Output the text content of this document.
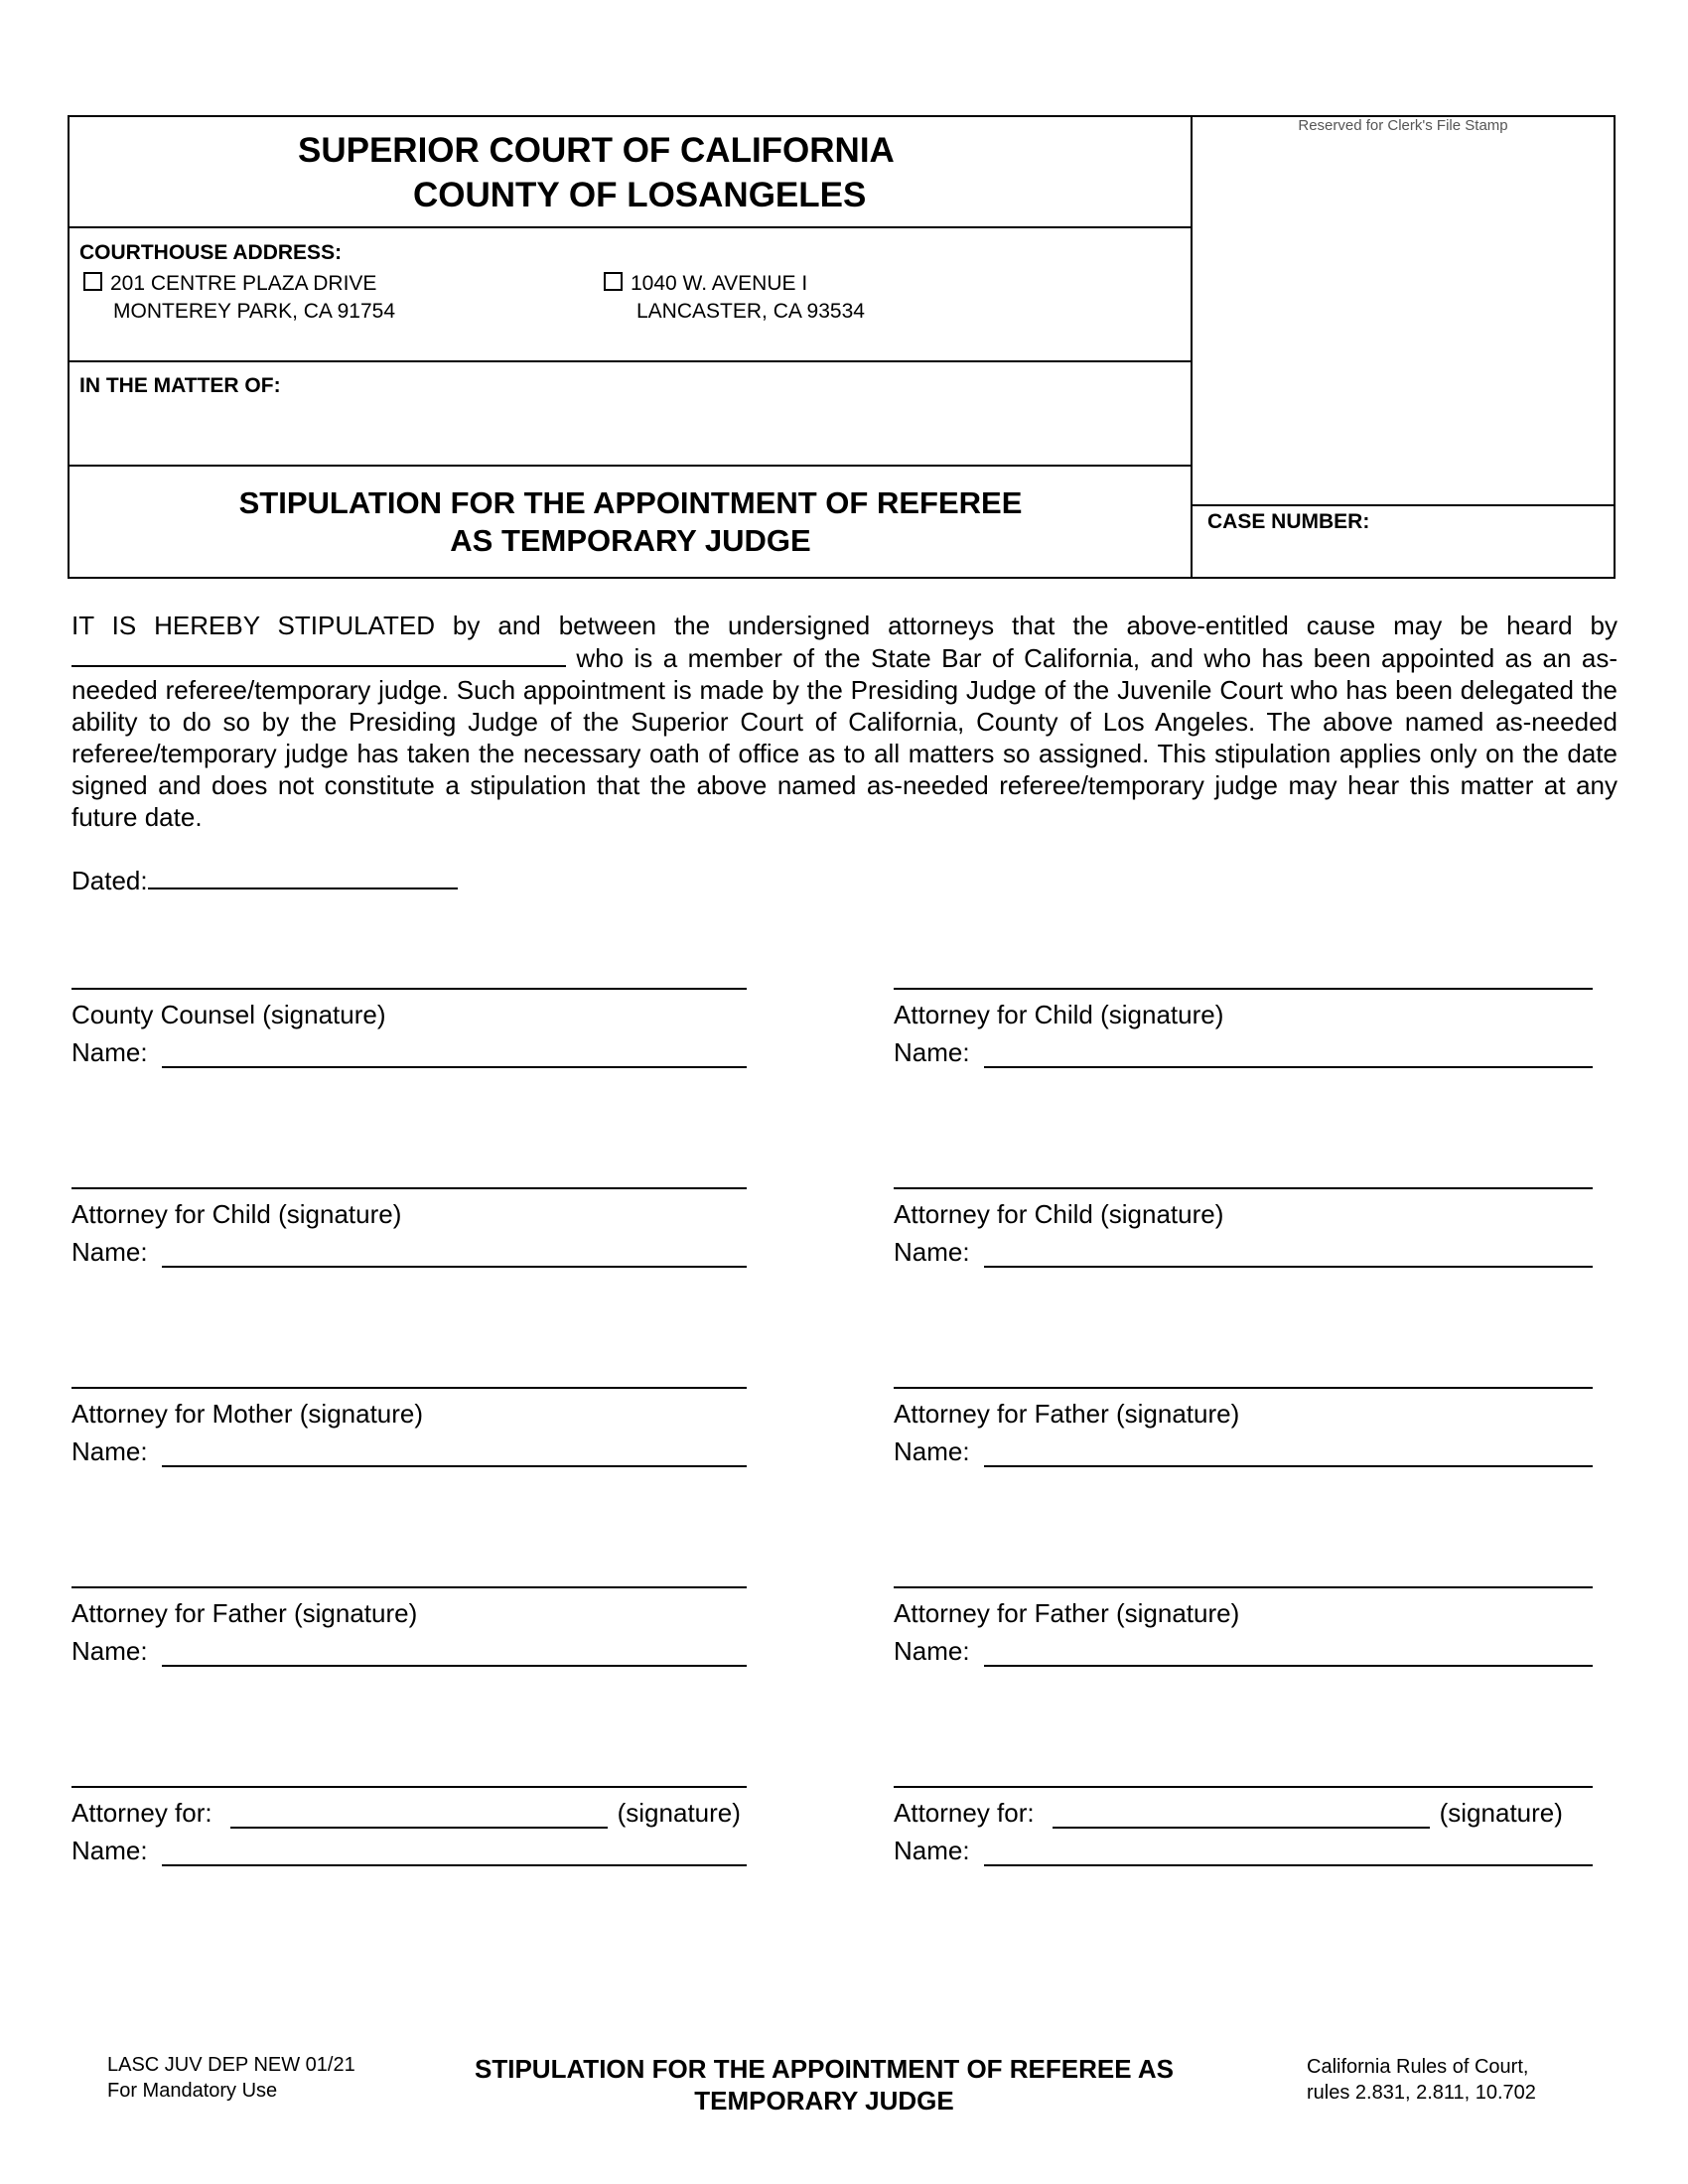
SUPERIOR COURT OF CALIFORNIA
COUNTY OF LOSANGELES
Reserved for Clerk's File Stamp
COURTHOUSE ADDRESS:
201 CENTRE PLAZA DRIVE
MONTEREY PARK, CA 91754
1040 W. AVENUE I
LANCASTER, CA 93534
IN THE MATTER OF:
STIPULATION FOR THE APPOINTMENT OF REFEREE
AS TEMPORARY JUDGE
CASE NUMBER:
IT IS HEREBY STIPULATED by and between the undersigned attorneys that the above-entitled cause may be heard by  who is a member of the State Bar of California, and who has been appointed as an as-needed referee/temporary judge. Such appointment is made by the Presiding Judge of the Juvenile Court who has been delegated the ability to do so by the Presiding Judge of the Superior Court of California, County of Los Angeles. The above named as-needed referee/temporary judge has taken the necessary oath of office as to all matters so assigned. This stipulation applies only on the date signed and does not constitute a stipulation that the above named as-needed referee/temporary judge may hear this matter at any future date.
Dated:
County Counsel (signature)
Name:
Attorney for Child (signature)
Name:
Attorney for Child (signature)
Name:
Attorney for Child (signature)
Name:
Attorney for Mother (signature)
Name:
Attorney for Father (signature)
Name:
Attorney for Father (signature)
Name:
Attorney for Father (signature)
Name:
Attorney for:	(signature)
Name:
Attorney for:	(signature)
Name:
LASC JUV DEP NEW 01/21
For Mandatory Use
STIPULATION FOR THE APPOINTMENT OF REFEREE AS
TEMPORARY JUDGE
California Rules of Court,
rules 2.831, 2.811, 10.702
